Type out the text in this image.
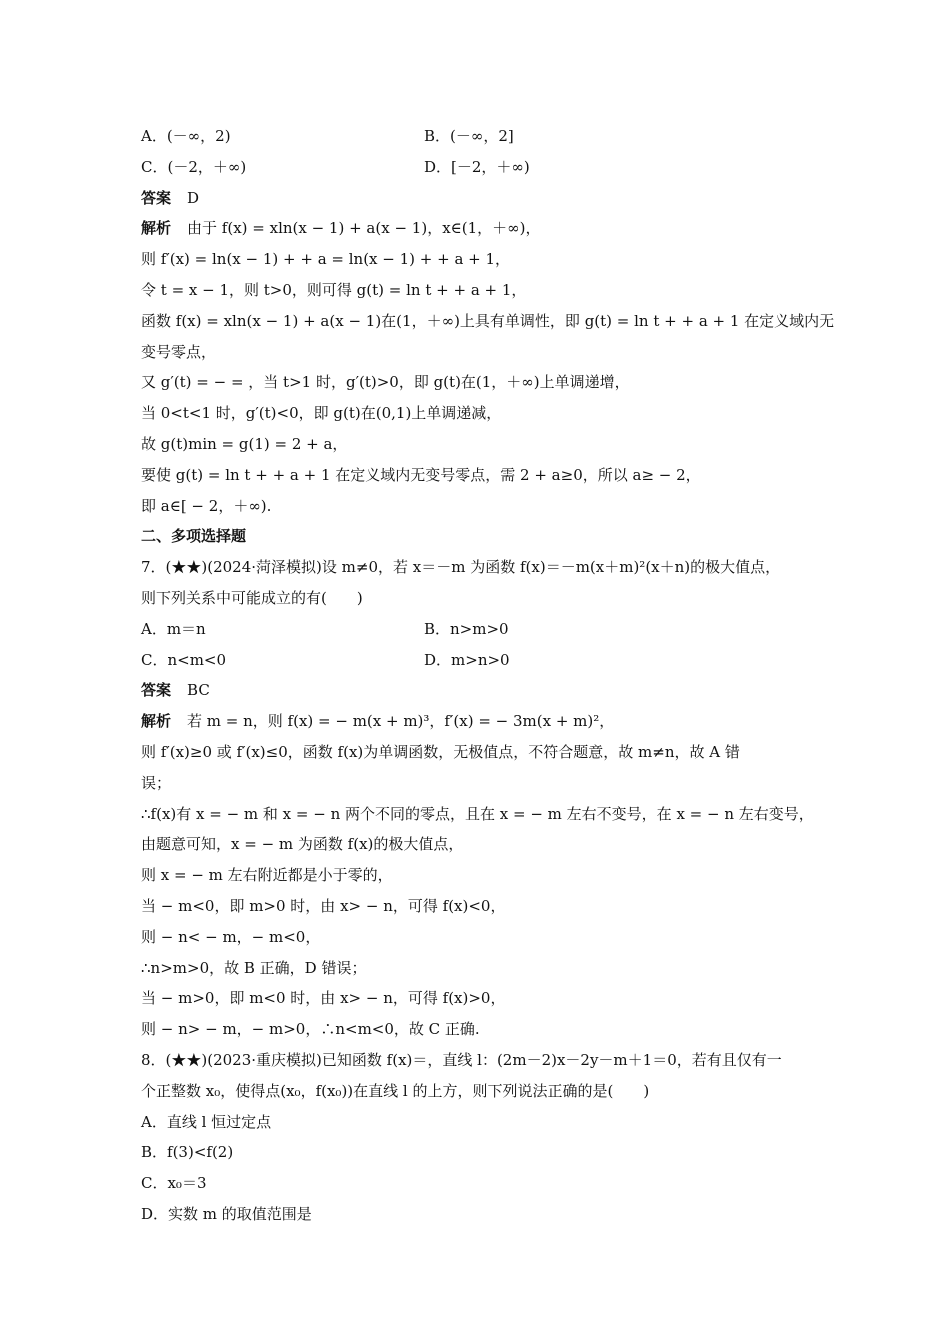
A．(－∞，2)	B．(－∞，2]
C．(－2，＋∞)	D．[－2，＋∞)
答案 D
解析 由于 f(x) = xln(x − 1) + a(x − 1)，x∈(1，＋∞)，
则 f′(x) = ln(x − 1) + + a = ln(x − 1) + + a + 1，
令 t = x − 1，则 t>0，则可得 g(t) = ln t + + a + 1，
函数 f(x) = xln(x − 1) + a(x − 1)在(1，＋∞)上具有单调性，即 g(t) = ln t + + a + 1 在定义域内无
变号零点，
又 g′(t) = − = ，当 t>1 时，g′(t)>0，即 g(t)在(1，＋∞)上单调递增，
当 0<t<1 时，g′(t)<0，即 g(t)在(0,1)上单调递减，
故 g(t)min = g(1) = 2 + a，
要使 g(t) = ln t + + a + 1 在定义域内无变号零点，需 2 + a≥0，所以 a≥ − 2，
即 a∈[ − 2，＋∞).
二、多项选择题
7．(★★)(2024·菏泽模拟)设 m≠0，若 x＝－m 为函数 f(x)＝－m(x＋m)²(x＋n)的极大值点，
则下列关系中可能成立的有(　　)
A．m＝n	B．n>m>0
C．n<m<0	D．m>n>0
答案 BC
解析 若 m = n，则 f(x) = − m(x + m)³，f′(x) = − 3m(x + m)²，
则 f′(x)≥0 或 f′(x)≤0，函数 f(x)为单调函数，无极值点，不符合题意，故 m≠n，故 A 错
误；
∴f(x)有 x = − m 和 x = − n 两个不同的零点，且在 x = − m 左右不变号，在 x = − n 左右变号，
由题意可知，x = − m 为函数 f(x)的极大值点，
则 x = − m 左右附近都是小于零的，
当 − m<0，即 m>0 时，由 x> − n，可得 f(x)<0，
则 − n< − m，− m<0，
∴n>m>0，故 B 正确，D 错误；
当 − m>0，即 m<0 时，由 x> − n，可得 f(x)>0，
则 − n> − m，− m>0，∴n<m<0，故 C 正确.
8．(★★)(2023·重庆模拟)已知函数 f(x)＝，直线 l：(2m－2)x－2y－m＋1＝0，若有且仅有一
个正整数 x₀，使得点(x₀，f(x₀))在直线 l 的上方，则下列说法正确的是(　　)
A．直线 l 恒过定点
B．f(3)<f(2)
C．x₀＝3
D．实数 m 的取值范围是
